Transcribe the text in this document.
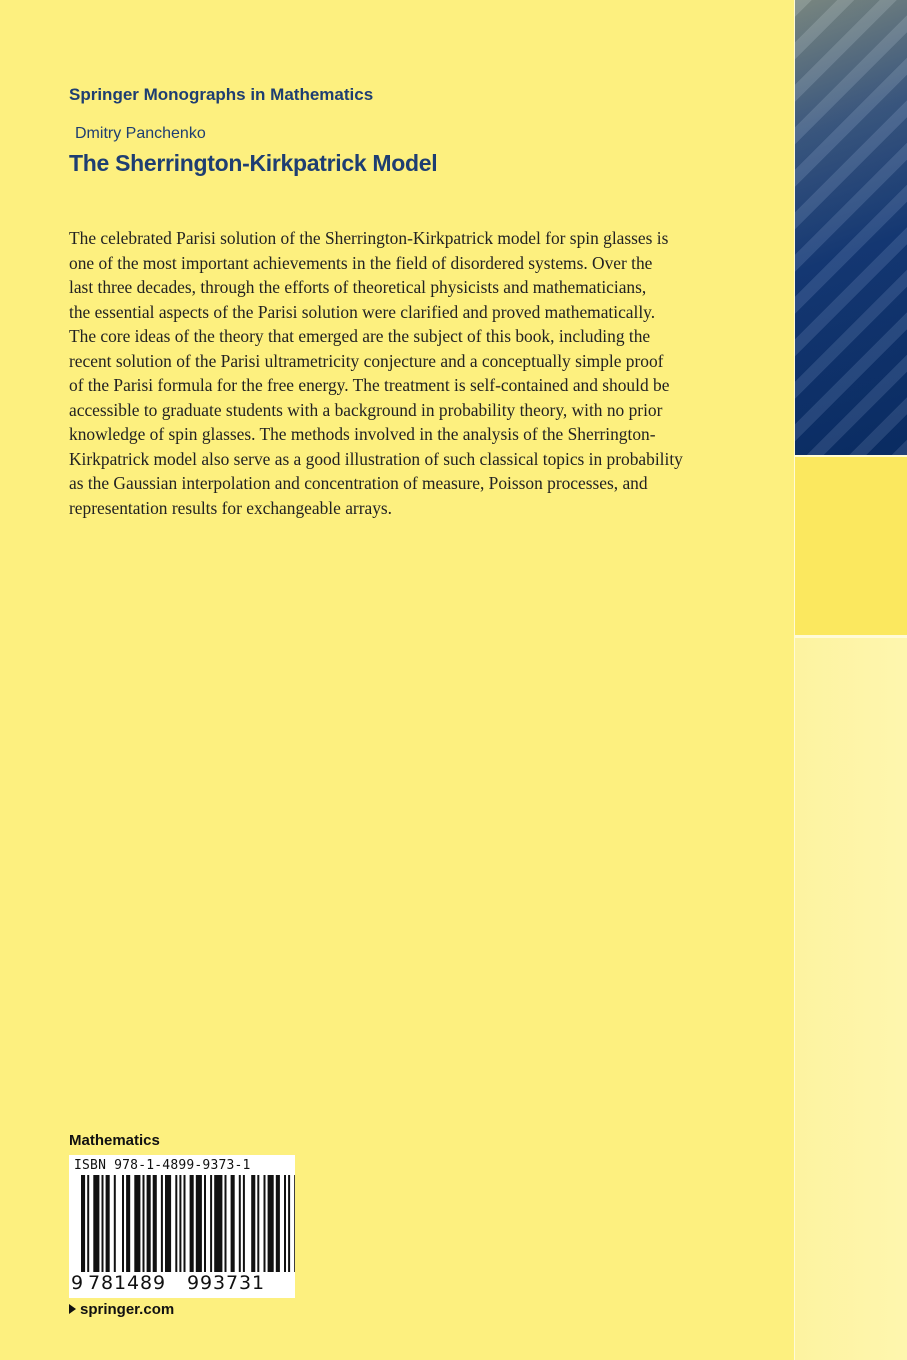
Springer Monographs in Mathematics
Dmitry Panchenko
The Sherrington-Kirkpatrick Model
The celebrated Parisi solution of the Sherrington-Kirkpatrick model for spin glasses is
one of the most important achievements in the field of disordered systems. Over the
last three decades, through the efforts of theoretical physicists and mathematicians,
the essential aspects of the Parisi solution were clarified and proved mathematically.
The core ideas of the theory that emerged are the subject of this book, including the
recent solution of the Parisi ultrametricity conjecture and a conceptually simple proof
of the Parisi formula for the free energy. The treatment is self-contained and should be
accessible to graduate students with a background in probability theory, with no prior
knowledge of spin glasses. The methods involved in the analysis of the Sherrington-
Kirkpatrick model also serve as a good illustration of such classical topics in probability
as the Gaussian interpolation and concentration of measure, Poisson processes, and
representation results for exchangeable arrays.
Mathematics
ISBN 978-1-4899-9373-1
9 781489 993731
springer.com
